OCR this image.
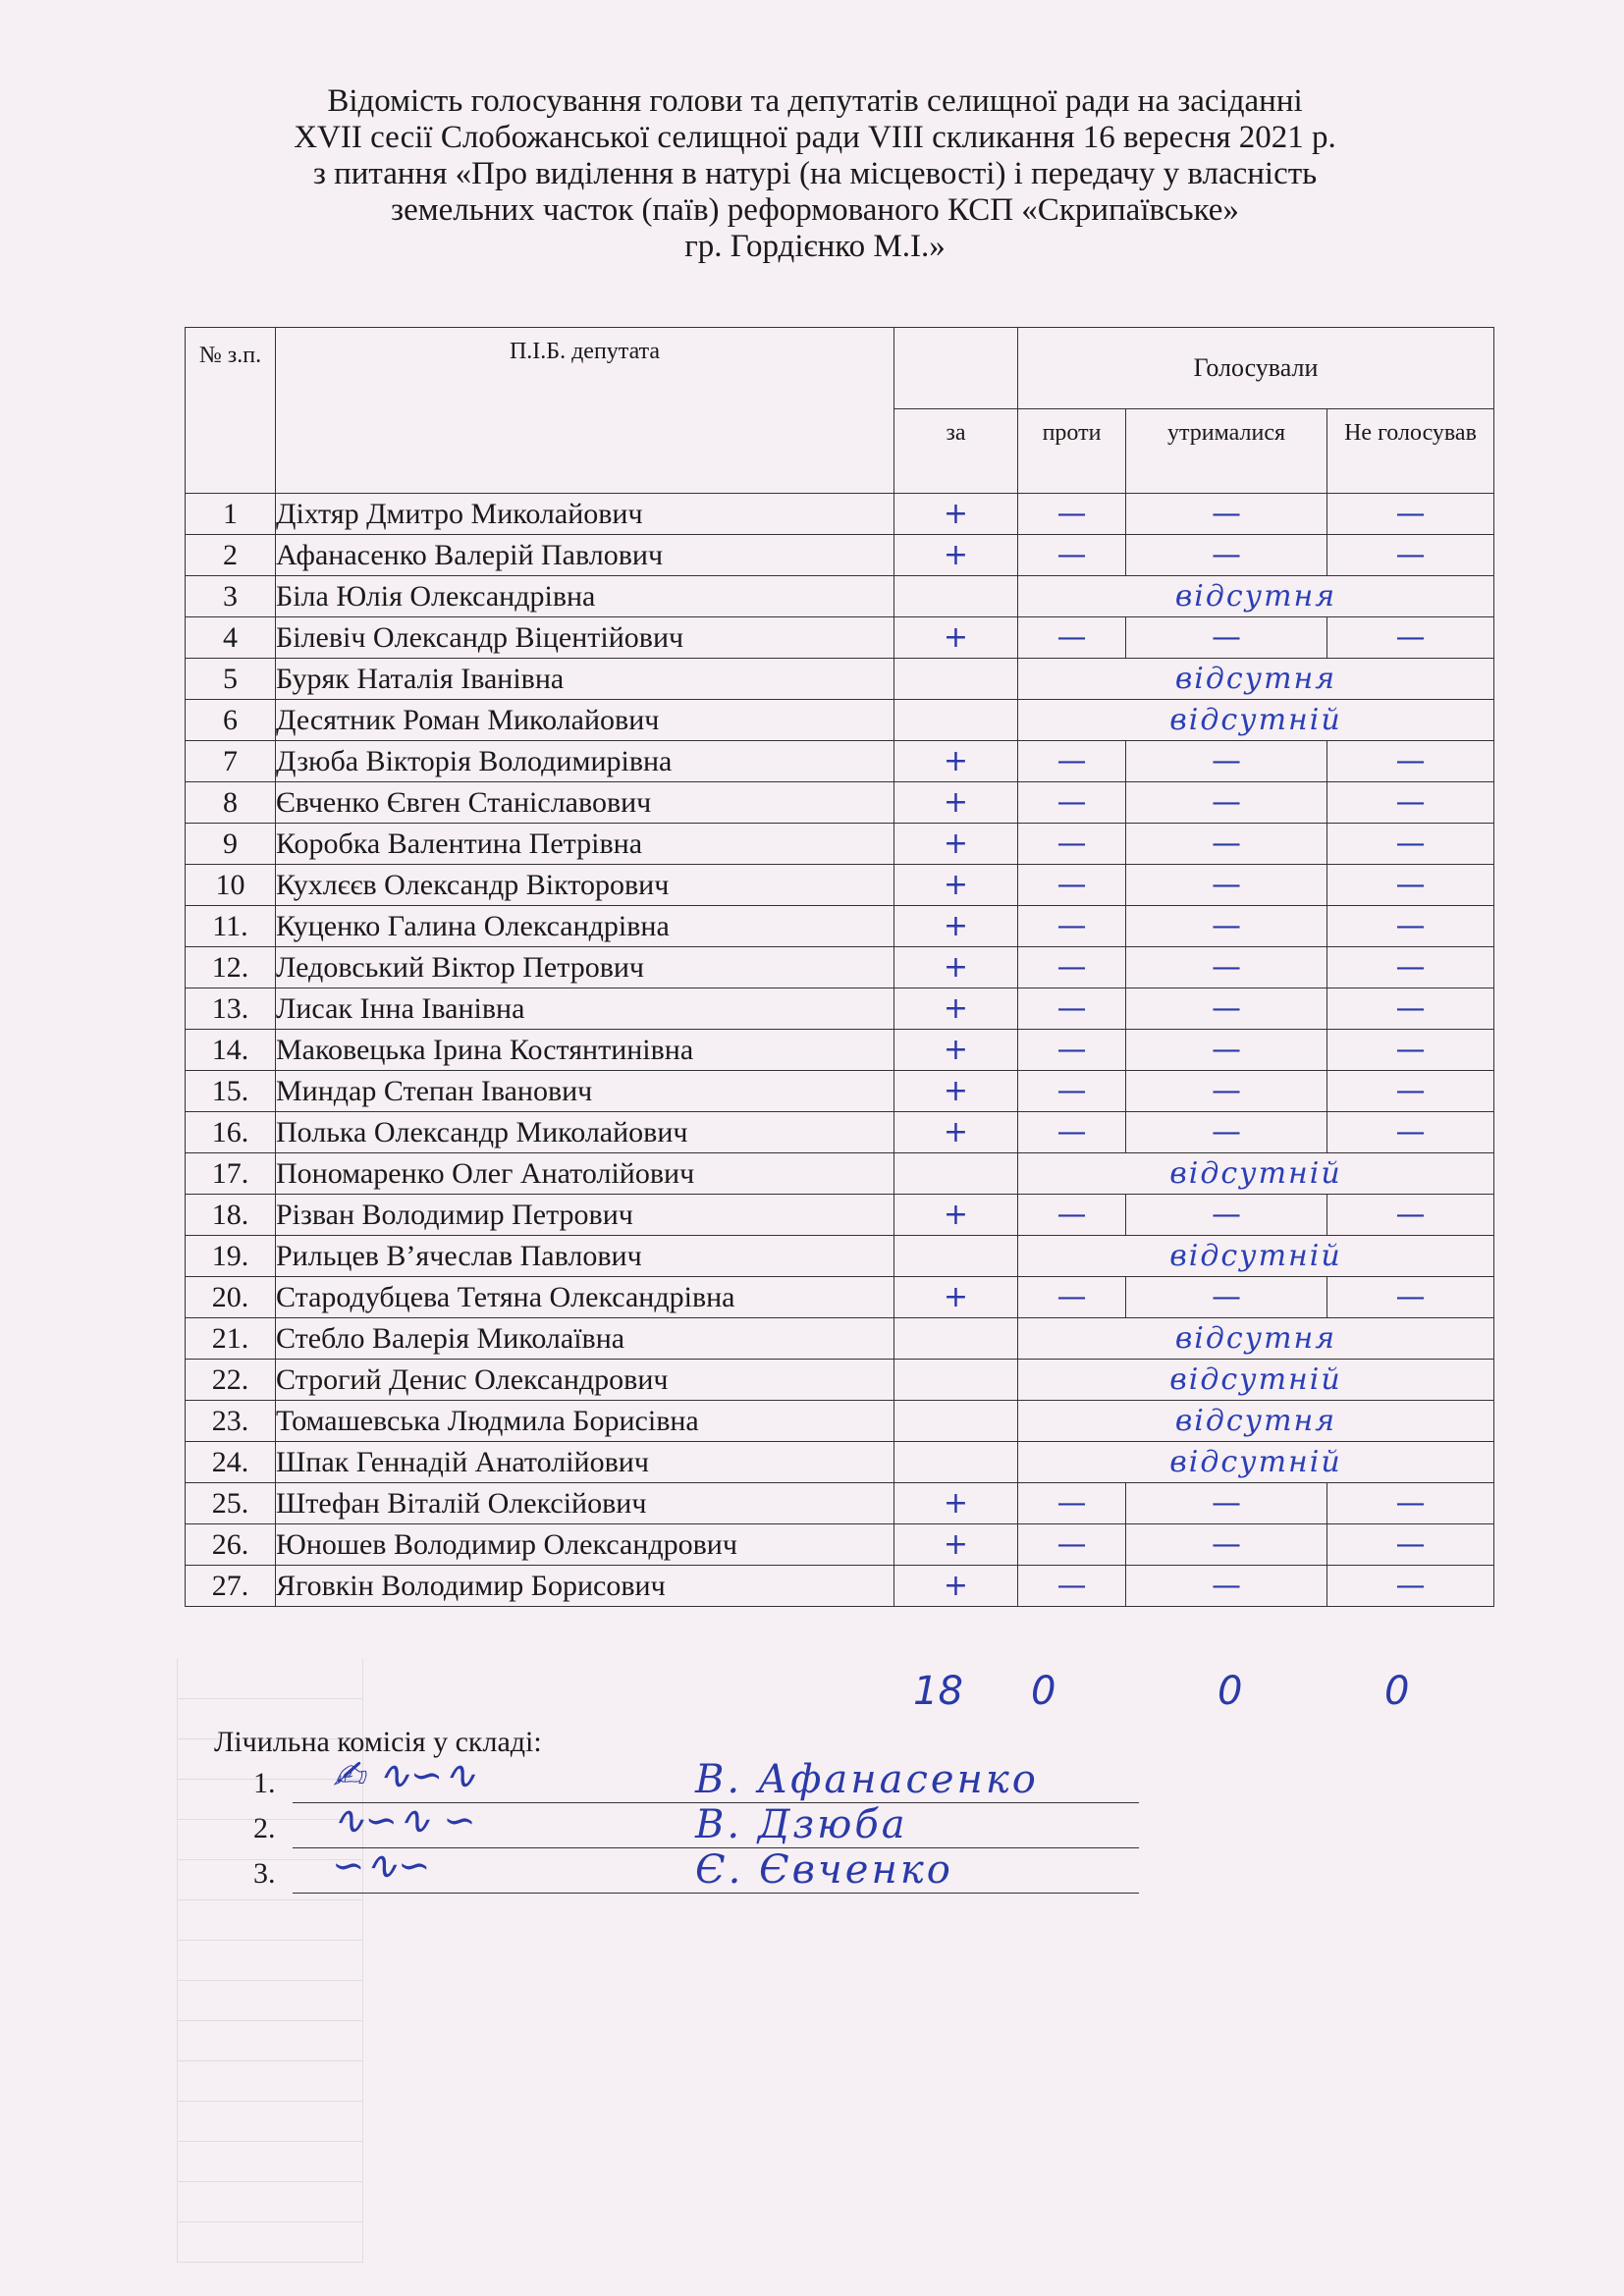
Відомість голосування голови та депутатів селищної ради на засіданні
XVII сесії Слобожанської селищної ради VIII скликання 16 вересня 2021 р.
з питання «Про виділення в натурі (на місцевості) і передачу у власність
земельних часток (паїв) реформованого КСП «Скрипаївське»
гр. Гордієнко М.І.»
№ з.п.	П.І.Б. депутата		Голосували		
		за	проти	утрималися	Не голосував
1	Діхтяр Дмитро Миколайович	+	—	—	—
2	Афанасенко Валерій Павлович	+	—	—	—
3	Біла Юлія Олександрівна		відсутня		
4	Білевіч Олександр Віцентійович	+	—	—	—
5	Буряк Наталія Іванівна		відсутня		
6	Десятник Роман Миколайович		відсутній		
7	Дзюба Вікторія Володимирівна	+	—	—	—
8	Євченко Євген Станіславович	+	—	—	—
9	Коробка Валентина Петрівна	+	—	—	—
10	Кухлєєв Олександр Вікторович	+	—	—	—
11.	Куценко Галина Олександрівна	+	—	—	—
12.	Ледовський Віктор Петрович	+	—	—	—
13.	Лисак Інна Іванівна	+	—	—	—
14.	Маковецька Ірина Костянтинівна	+	—	—	—
15.	Миндар Степан Іванович	+	—	—	—
16.	Полька Олександр Миколайович	+	—	—	—
17.	Пономаренко Олег Анатолійович		відсутній		
18.	Різван Володимир Петрович	+	—	—	—
19.	Рильцев В’ячеслав Павлович		відсутній		
20.	Стародубцева Тетяна Олександрівна	+	—	—	—
21.	Стебло Валерія Миколаївна		відсутня		
22.	Строгий Денис Олександрович		відсутній		
23.	Томашевська Людмила Борисівна		відсутня		
24.	Шпак Геннадій Анатолійович		відсутній		
25.	Штефан Віталій Олексійович	+	—	—	—
26.	Юношев Володимир Олександрович	+	—	—	—
27.	Яговкін Володимир Борисович	+	—	—	—
18 0	0	0
Лічильна комісія у складі:
1. ✍︎ ∿∽∿	В. Афанасенко
2. ∿∽∿ ∽	В. Дзюба
3. ∽∿∽	Є. Євченко
